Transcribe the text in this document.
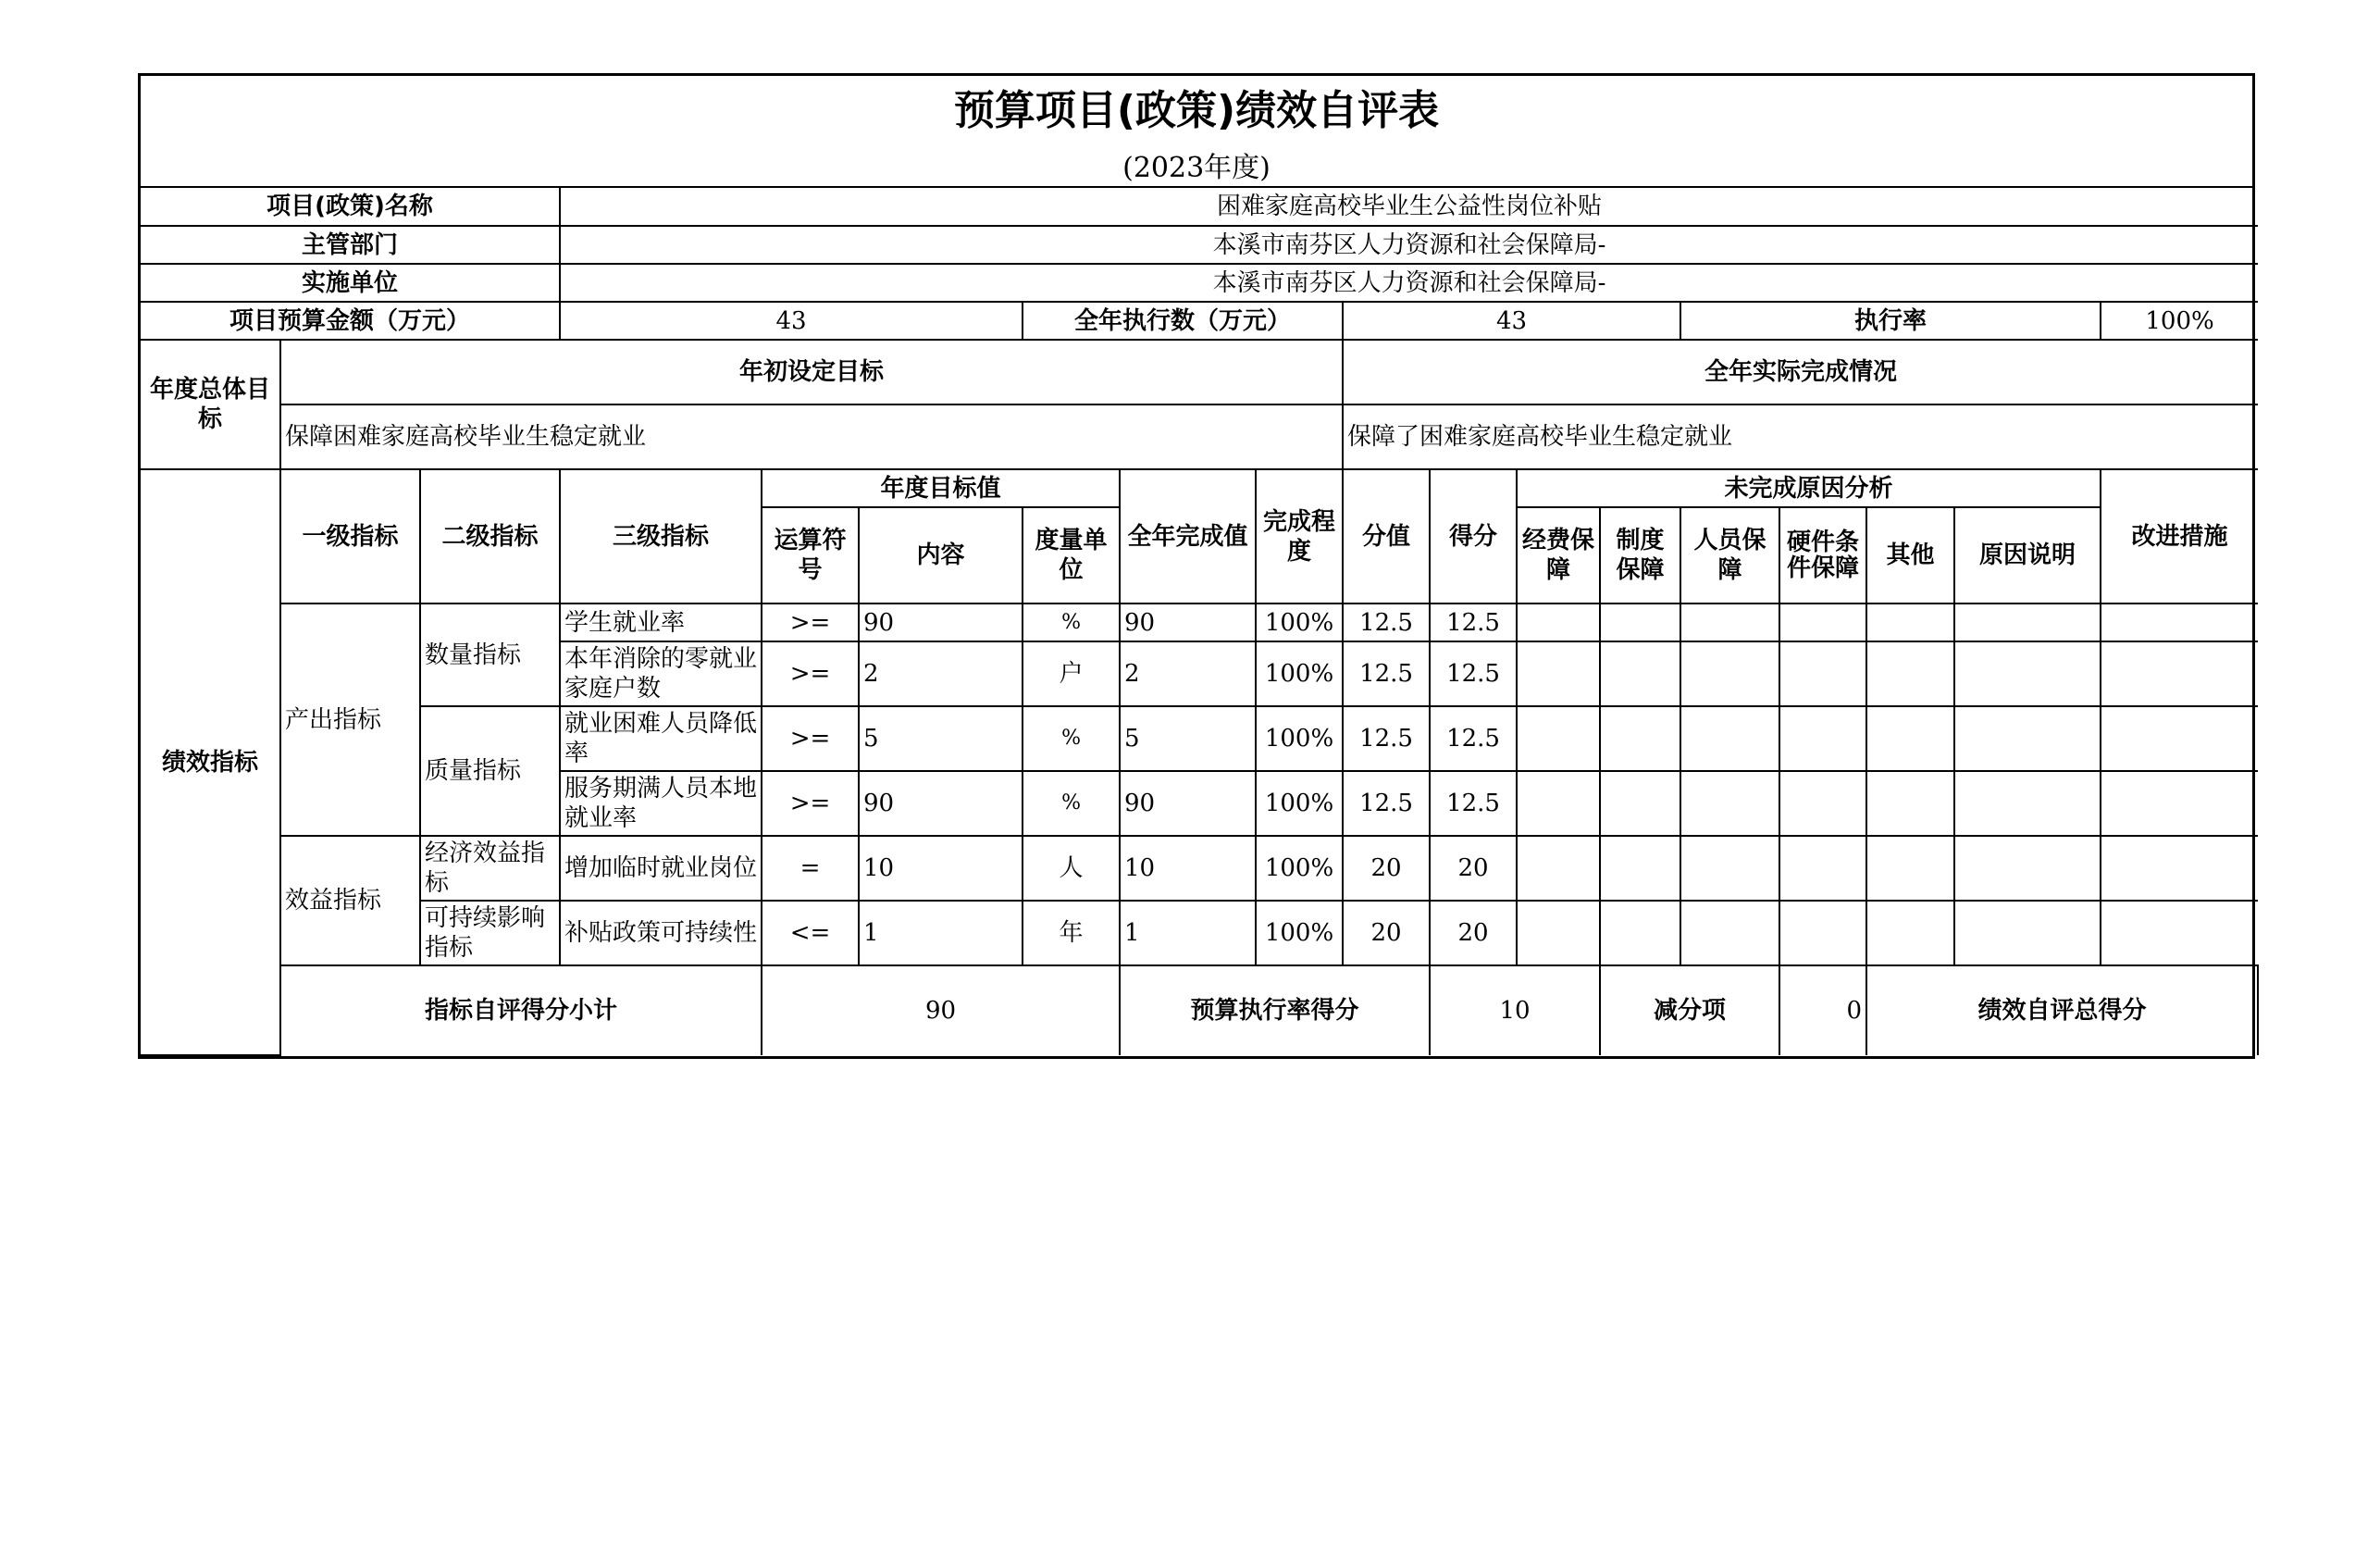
预算项目(政策)绩效自评表
(2023年度)
项目(政策)名称			困难家庭高校毕业生公益性岗位补贴															
主管部门			本溪市南芬区人力资源和社会保障局-															
实施单位			本溪市南芬区人力资源和社会保障局-															
项目预算金额（万元）			43			全年执行数（万元）			43				执行率				100%	
年度总体目标	年初设定目标								全年实际完成情况									
	保障困难家庭高校毕业生稳定就业								保障了困难家庭高校毕业生稳定就业									
绩效指标	一级指标	二级指标	三级指标	年度目标值			全年完成值	完成程度	分值	得分	未完成原因分析						改进措施	
				运算符号	内容	度量单位					经费保障	制度保障	人员保障	硬件条件保障	其他	原因说明		
	产出指标	数量指标	学生就业率	>=	90	%	90	100%	12.5	12.5								
			本年消除的零就业家庭户数	>=	2	户	2	100%	12.5	12.5								
		质量指标	就业困难人员降低率	>=	5	%	5	100%	12.5	12.5								
			服务期满人员本地就业率	>=	90	%	90	100%	12.5	12.5								
	效益指标	经济效益指标	增加临时就业岗位	=	10	人	10	100%	20	20								
		可持续影响指标	补贴政策可持续性	<=	1	年	1	100%	20	20								
	指标自评得分小计			90			预算执行率得分			10		减分项		0	绩效自评总得分	
